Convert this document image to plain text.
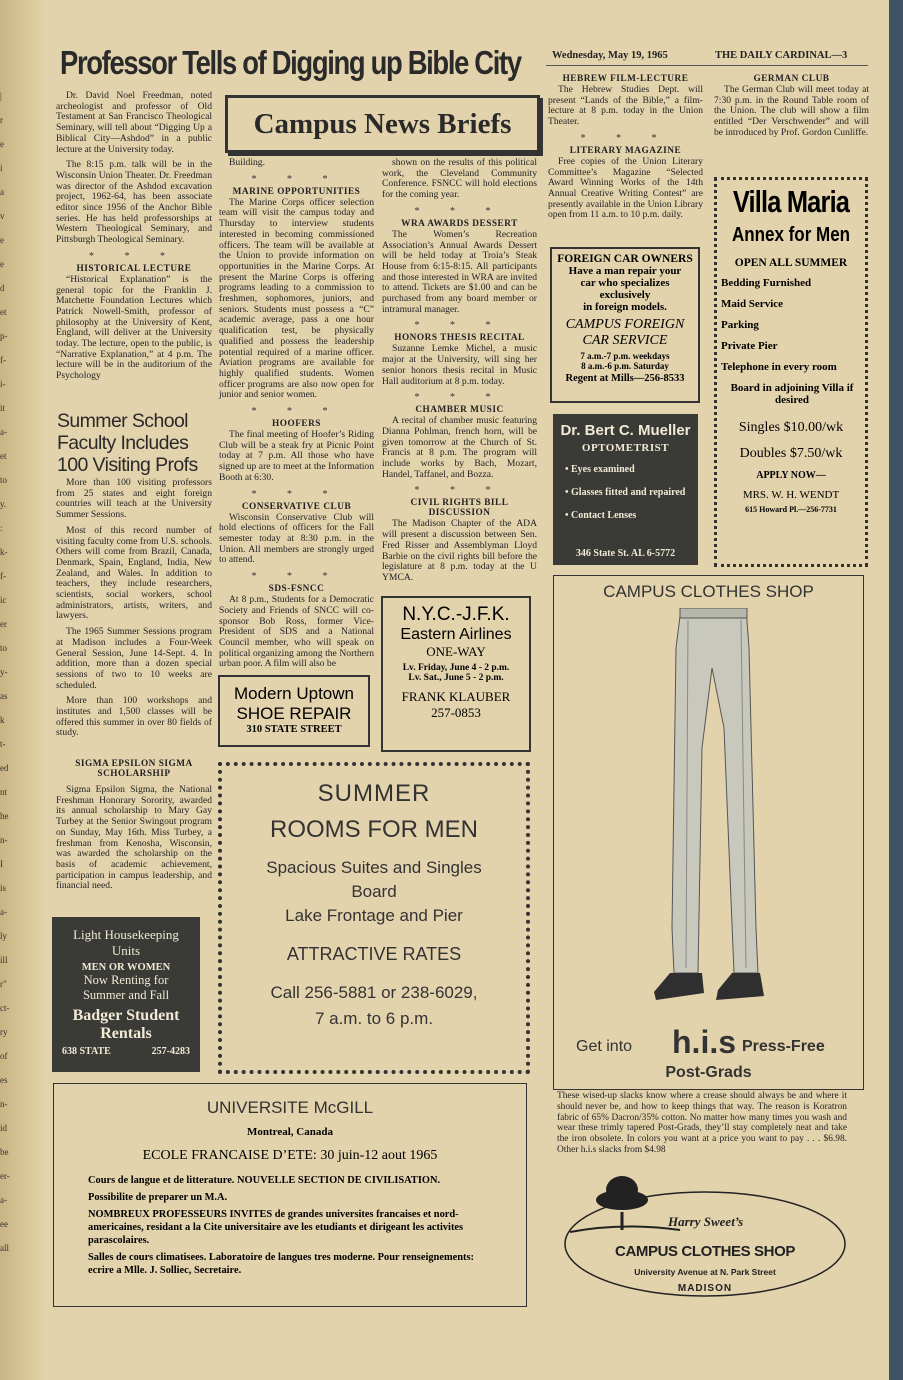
|
r
e
i
a
v
e
e
d
et
p-
f-
i-
it
a-
et
to
y.
:
k-
f-
ic
er
to
y-
as
k
t-
ed
nt
he
n-
I
is
a-
ly
ill
r"
ct-
ry
of
es
n-
id
be
er-
a-
ee
all
Professor Tells of Digging up Bible City	Wednesday, May 19, 1965	THE DAILY CARDINAL—3

Dr. David Noel Freedman, noted archeologist and professor of Old Testament at San Francisco Theological Seminary, will tell about “Digging Up a Biblical City—Ashdod” in a public lecture at the University today.

The 8:15 p.m. talk will be in the Wisconsin Union Theater. Dr. Freedman was director of the Ashdod excavation project, 1962-64, has been associate editor since 1956 of the Anchor Bible series. He has held professorships at Western Theological Seminary, and Pittsburgh Theological Seminary.

* * *
HISTORICAL LECTURE

“Historical Explanation” is the general topic for the Franklin J. Matchette Foundation Lectures which Patrick Nowell-Smith, professor of philosophy at the University of Kent, England, will deliver at the University today. The lecture, open to the public, is “Narrative Explanation,” at 4 p.m. The lecture will be in the auditorium of the Psychology

Summer School Faculty Includes 100 Visiting Profs

More than 100 visiting professors from 25 states and eight foreign countries will teach at the University Summer Sessions.

Most of this record number of visiting faculty come from U.S. schools. Others will come from Brazil, Canada, Denmark, Spain, England, India, New Zealand, and Wales. In addition to teachers, they include researchers, scientists, social workers, school administrators, artists, writers, and lawyers.

The 1965 Summer Sessions program at Madison includes a Four-Week General Session, June 14-Sept. 4. In addition, more than a dozen special sessions of two to 10 weeks are scheduled.

More than 100 workshops and institutes and 1,500 classes will be offered this summer in over 80 fields of study.

SIGMA EPSILON SIGMA SCHOLARSHIP

Sigma Epsilon Sigma, the National Freshman Honorary Sorority, awarded its annual scholarship to Mary Gay Turbey at the Senior Swingout program on Sunday, May 16th. Miss Turbey, a freshman from Kenosha, Wisconsin, was awarded the scholarship on the basis of academic achievement, participation in campus leadership, and financial need.

Light Housekeeping
Units
MEN OR WOMEN
Now Renting for
Summer and Fall
Badger Student
Rentals
638 STATE	257-4283
Campus News Briefs

Building.

* * *
MARINE OPPORTUNITIES

The Marine Corps officer selection team will visit the campus today and Thursday to interview students interested in becoming commissioned officers. The team will be available at the Union to provide information on opportunities in the Marine Corps. At present the Marine Corps is offering programs leading to a commission to freshmen, sophomores, juniors, and seniors. Students must possess a “C” academic average, pass a one hour qualification test, be physically qualified and possess the leadership potential required of a marine officer. Aviation programs are available for highly qualified students. Women officer programs are also now open for junior and senior women.

* * *
HOOFERS

The final meeting of Hoofer’s Riding Club will be a steak fry at Picnic Point today at 7 p.m. All those who have signed up are to meet at the Information Booth at 6:30.

* * *
CONSERVATIVE CLUB

Wisconsin Conservative Club will hold elections of officers for the Fall semester today at 8:30 p.m. in the Union. All members are strongly urged to attend.

* * *
SDS-FSNCC

At 8 p.m., Students for a Democratic Society and Friends of SNCC will co-sponsor Bob Ross, former Vice-President of SDS and a National Council member, who will speak on political organizing among the Northern urban poor. A film will also be

shown on the results of this political work, the Cleveland Community Conference. FSNCC will hold elections for the coming year.

* * *
WRA AWARDS DESSERT

The Women’s Recreation Association’s Annual Awards Dessert will be held today at Troia’s Steak House from 6:15-8:15. All participants and those interested in WRA are invited to attend. Tickets are $1.00 and can be purchased from any board member or intramural manager.

* * *
HONORS THESIS RECITAL

Suzanne Lemke Michel, a music major at the University, will sing her senior honors thesis recital in Music Hall auditorium at 8 p.m. today.

* * *
CHAMBER MUSIC

A recital of chamber music featuring Dianna Pohlman, french horn, will be given tomorrow at the Church of St. Francis at 8 p.m. The program will include works by Bach, Mozart, Handel, Taffanel, and Bozza.

* * *
CIVIL RIGHTS BILL DISCUSSION

The Madison Chapter of the ADA will present a discussion between Sen. Fred Risser and Assemblyman Lloyd Barbie on the civil rights bill before the legislature at 8 p.m. today at the U YMCA.

Modern Uptown
SHOE REPAIR
310 STATE STREET
N.Y.C.-J.F.K.
Eastern Airlines
ONE-WAY
Lv. Friday, June 4 - 2 p.m.
Lv. Sat., June 5 - 2 p.m.
FRANK KLAUBER
257-0853
SUMMER
ROOMS FOR MEN
Spacious Suites and Singles
Board
Lake Frontage and Pier
ATTRACTIVE RATES
Call 256-5881 or 238-6029,
7 a.m. to 6 p.m.
HEBREW FILM-LECTURE

The Hebrew Studies Dept. will present “Lands of the Bible,” a film-lecture at 8 p.m. today in the Union Theater.

* * *
LITERARY MAGAZINE

Free copies of the Union Literary Committee’s Magazine “Selected Award Winning Works of the 14th Annual Creative Writing Contest” are presently available in the Union Library open from 11 a.m. to 10 p.m. daily.

GERMAN CLUB

The German Club will meet today at 7:30 p.m. in the Round Table room of the Union. The club will show a film entitled “Der Verschwender” and will be introduced by Prof. Gordon Cunliffe.

FOREIGN CAR OWNERS
Have a man repair your
car who specializes
exclusively
in foreign models.
CAMPUS FOREIGN
CAR SERVICE
7 a.m.-7 p.m. weekdays
8 a.m.-6 p.m. Saturday
Regent at Mills—256-8533
Dr. Bert C. Mueller
OPTOMETRIST
• Eyes examined
• Glasses fitted and repaired
• Contact Lenses
346 State St. AL 6-5772
Villa Maria
Annex for Men
OPEN ALL SUMMER
Bedding Furnished
Maid Service
Parking
Private Pier
Telephone in every room
Board in adjoining Villa if desired
Singles $10.00/wk
Doubles $7.50/wk
APPLY NOW—
MRS. W. H. WENDT
615 Howard Pl.—256-7731
CAMPUS CLOTHES SHOP
Get into h.i.s Press-Free
Post-Grads
These wised-up slacks know where a crease should always be and where it should never be, and how to keep things that way. The reason is Koratron fabric of 65% Dacron/35% cotton. No matter how many times you wash and wear these trimly tapered Post-Grads, they’ll stay completely neat and take the iron obsolete. In colors you want at a price you want to pay . . . $6.98. Other h.i.s slacks from $4.98
Harry Sweet’s
CAMPUS CLOTHES SHOP
University Avenue at N. Park Street
MADISON
UNIVERSITE McGILL
Montreal, Canada
ECOLE FRANCAISE D’ETE: 30 juin-12 aout 1965

Cours de langue et de litterature. NOUVELLE SECTION DE CIVILISATION.

Possibilite de preparer un M.A.

NOMBREUX PROFESSEURS INVITES de grandes universites francaises et nord-americaines, residant a la Cite universitaire ave les etudiants et dirigeant les activites parascolaires.

Salles de cours climatisees. Laboratoire de langues tres moderne. Pour renseignements: ecrire a Mlle. J. Solliec, Secretaire.
